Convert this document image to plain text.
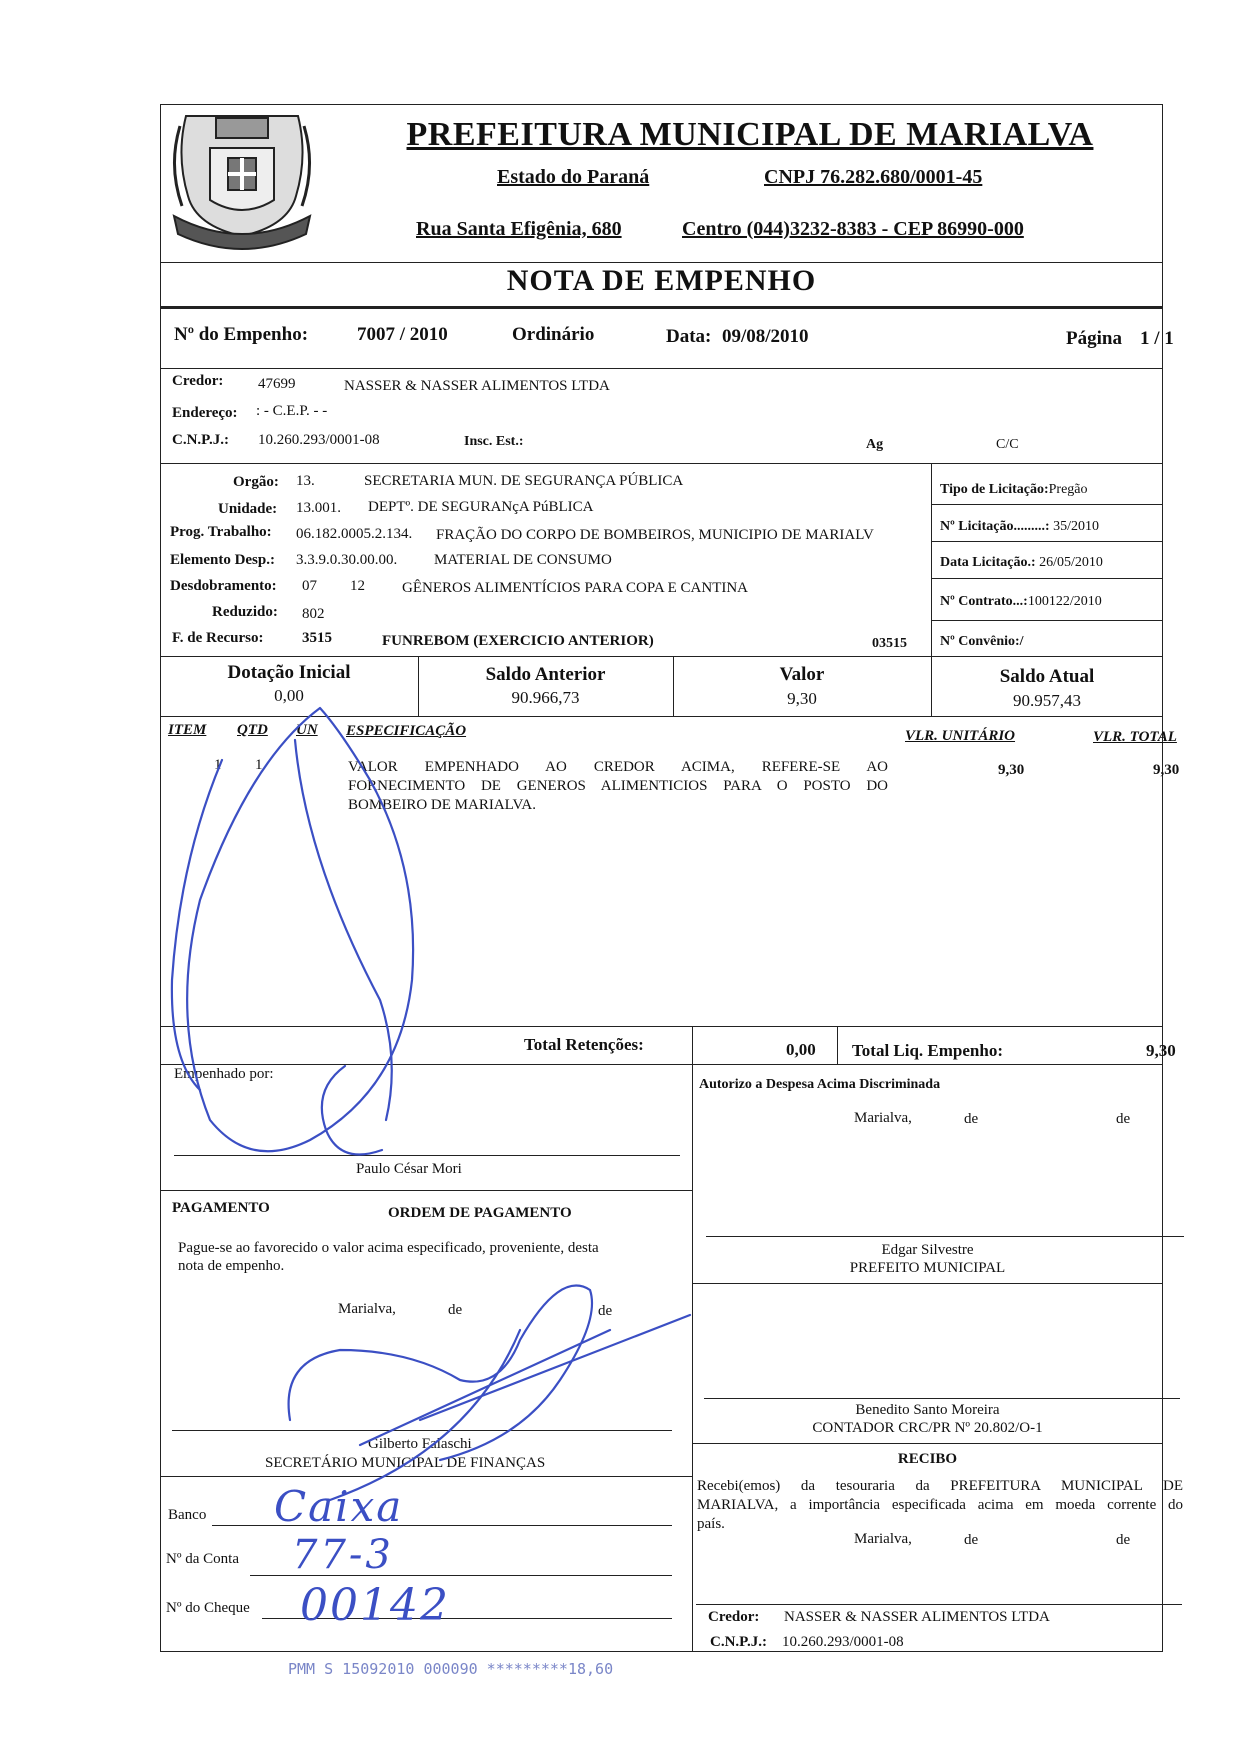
PREFEITURA MUNICIPAL DE MARIALVA
Estado do Paraná	CNPJ 76.282.680/0001-45
Rua Santa Efigênia, 680	Centro (044)3232-8383 - CEP 86990-000
NOTA DE EMPENHO
Nº do Empenho:	7007 / 2010	Ordinário	Data: 09/08/2010	Página 1 / 1
Credor: 47699	NASSER & NASSER ALIMENTOS LTDA
Endereço: : - C.E.P. - -
C.N.P.J.: 10.260.293/0001-08	Insc. Est.:	Ag	C/C
Orgão: 13.	SECRETARIA MUN. DE SEGURANÇA PÚBLICA
Unidade: 13.001. DEPTº. DE SEGURANçA PúBLICA
Prog. Trabalho: 06.182.0005.2.134. FRAÇÃO DO CORPO DE BOMBEIROS, MUNICIPIO DE MARIALV
Elemento Desp.: 3.3.9.0.30.00.00. MATERIAL DE CONSUMO
Desdobramento: 07 12 GÊNEROS ALIMENTÍCIOS PARA COPA E CANTINA
Reduzido: 802
F. de Recurso:	3515	FUNREBOM (EXERCICIO ANTERIOR)	03515
Tipo de Licitação:Pregão
Nº Licitação.........: 35/2010
Data Licitação.: 26/05/2010
Nº Contrato...:100122/2010
Nº Convênio:/
Dotação Inicial
0,00
Saldo Anterior
90.966,73
Valor
9,30
Saldo Atual
90.957,43
ITEM QTD UN ESPECIFICAÇÃO	VLR. UNITÁRIO	VLR. TOTAL
1 1	VALOR EMPENHADO AO CREDOR ACIMA, REFERE-SE AO
FORNECIMENTO DE GENEROS ALIMENTICIOS PARA O POSTO DO
BOMBEIRO DE MARIALVA.
9,30	9,30
Total Retenções:	0,00 Total Liq. Empenho:	9,30
Empenhado por:
Paulo César Mori
PAGAMENTO	ORDEM DE PAGAMENTO
Pague-se ao favorecido o valor acima especificado, proveniente, desta
nota de empenho.
Marialva,	de	de
Gilberto Falaschi
SECRETÁRIO MUNICIPAL DE FINANÇAS
Banco
Nº da Conta
Nº do Cheque
Caixa
77-3
00142
Autorizo a Despesa Acima Discriminada
Marialva,	de	de
Edgar Silvestre
PREFEITO MUNICIPAL
Benedito Santo Moreira
CONTADOR CRC/PR Nº 20.802/O-1
RECIBO
Recebi(emos) da tesouraria da PREFEITURA MUNICIPAL DE
MARIALVA, a importância especificada acima em moeda corrente do
país.
Marialva,	de	de
Credor: NASSER & NASSER ALIMENTOS LTDA
C.N.P.J.: 10.260.293/0001-08
PMM S 15092010 000090 *********18,60
